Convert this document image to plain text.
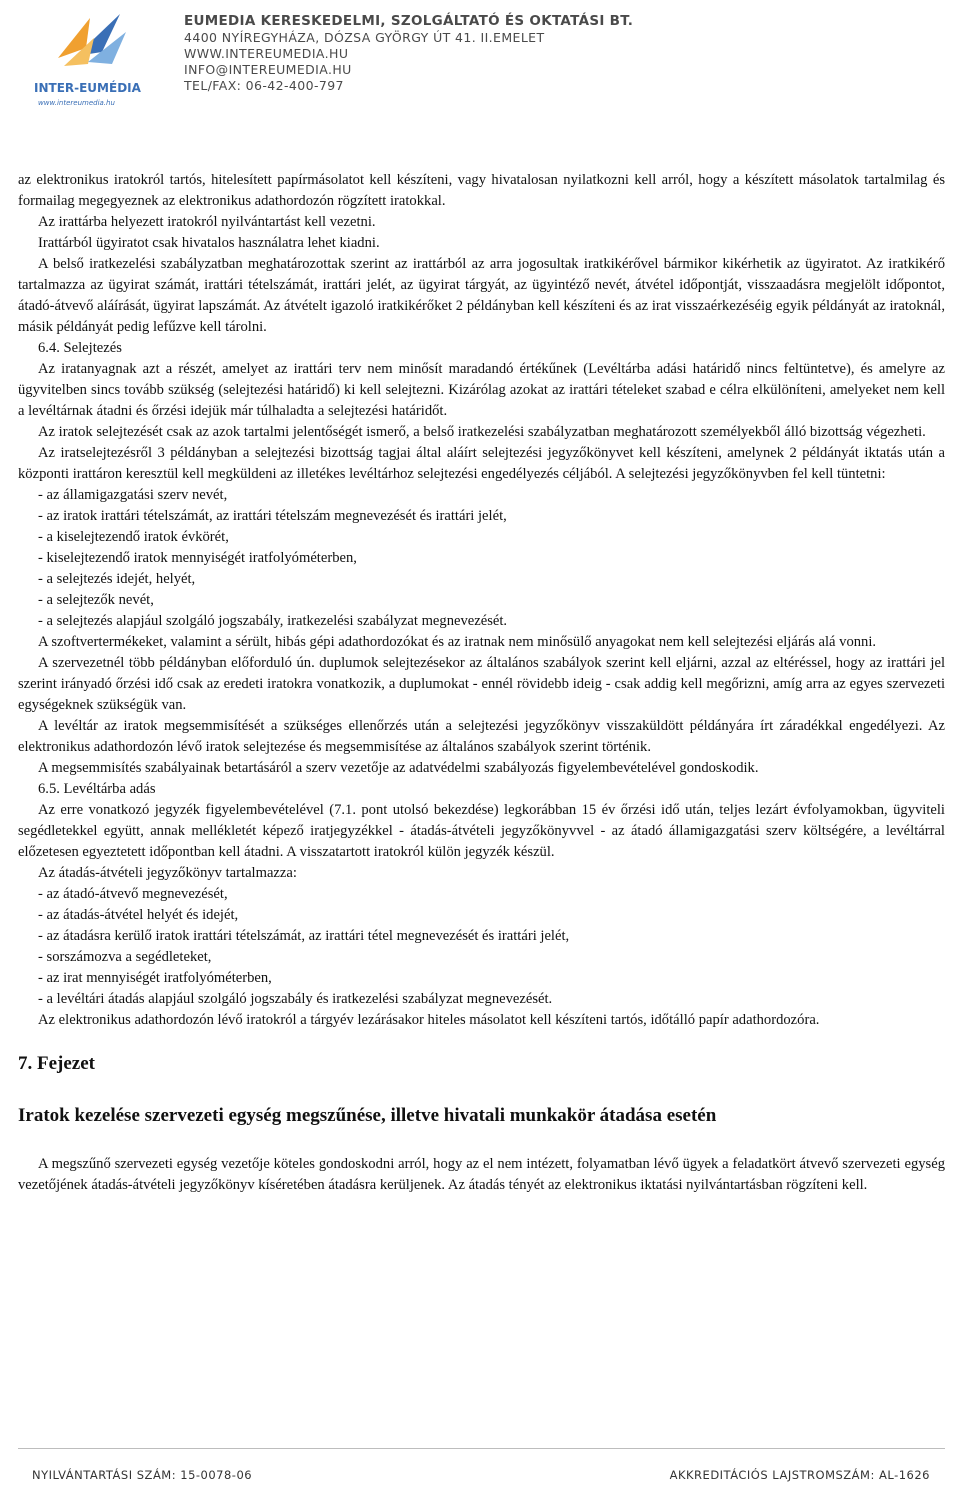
INTER-EUMÉDIA
www.intereumedia.hu
EUMEDIA KERESKEDELMI, SZOLGÁLTATÓ ÉS OKTATÁSI BT.
4400 NYÍREGYHÁZA, DÓZSA GYÖRGY ÚT 41. II.EMELET
WWW.INTEREUMEDIA.HU
INFO@INTEREUMEDIA.HU
TEL/FAX: 06-42-400-797

az elektronikus iratokról tartós, hitelesített papírmásolatot kell készíteni, vagy hivatalosan nyilatkozni kell arról, hogy a készített másolatok tartalmilag és formailag megegyeznek az elektronikus adathordozón rögzített iratokkal.

Az irattárba helyezett iratokról nyilvántartást kell vezetni.

Irattárból ügyiratot csak hivatalos használatra lehet kiadni.

A belső iratkezelési szabályzatban meghatározottak szerint az irattárból az arra jogosultak iratkikérővel bármikor kikérhetik az ügyiratot. Az iratkikérő tartalmazza az ügyirat számát, irattári tételszámát, irattári jelét, az ügyirat tárgyát, az ügyintéző nevét, átvétel időpontját, visszaadásra megjelölt időpontot, átadó-átvevő aláírását, ügyirat lapszámát. Az átvételt igazoló iratkikérőket 2 példányban kell készíteni és az irat visszaérkezéséig egyik példányát az iratoknál, másik példányát pedig lefűzve kell tárolni.

6.4. Selejtezés

Az iratanyagnak azt a részét, amelyet az irattári terv nem minősít maradandó értékűnek (Levéltárba adási határidő nincs feltüntetve), és amelyre az ügyvitelben sincs tovább szükség (selejtezési határidő) ki kell selejtezni. Kizárólag azokat az irattári tételeket szabad e célra elkülöníteni, amelyeket nem kell a levéltárnak átadni és őrzési idejük már túlhaladta a selejtezési határidőt.

Az iratok selejtezését csak az azok tartalmi jelentőségét ismerő, a belső iratkezelési szabályzatban meghatározott személyekből álló bizottság végezheti.

Az iratselejtezésről 3 példányban a selejtezési bizottság tagjai által aláírt selejtezési jegyzőkönyvet kell készíteni, amelynek 2 példányát iktatás után a központi irattáron keresztül kell megküldeni az illetékes levéltárhoz selejtezési engedélyezés céljából. A selejtezési jegyzőkönyvben fel kell tüntetni:

- az államigazgatási szerv nevét,

- az iratok irattári tételszámát, az irattári tételszám megnevezését és irattári jelét,

- a kiselejtezendő iratok évkörét,

- kiselejtezendő iratok mennyiségét iratfolyóméterben,

- a selejtezés idejét, helyét,

- a selejtezők nevét,

- a selejtezés alapjául szolgáló jogszabály, iratkezelési szabályzat megnevezését.

A szoftvertermékeket, valamint a sérült, hibás gépi adathordozókat és az iratnak nem minősülő anyagokat nem kell selejtezési eljárás alá vonni.

A szervezetnél több példányban előforduló ún. duplumok selejtezésekor az általános szabályok szerint kell eljárni, azzal az eltéréssel, hogy az irattári jel szerint irányadó őrzési idő csak az eredeti iratokra vonatkozik, a duplumokat - ennél rövidebb ideig - csak addig kell megőrizni, amíg arra az egyes szervezeti egységeknek szükségük van.

A levéltár az iratok megsemmisítését a szükséges ellenőrzés után a selejtezési jegyzőkönyv visszaküldött példányára írt záradékkal engedélyezi. Az elektronikus adathordozón lévő iratok selejtezése és megsemmisítése az általános szabályok szerint történik.

A megsemmisítés szabályainak betartásáról a szerv vezetője az adatvédelmi szabályozás figyelembevételével gondoskodik.

6.5. Levéltárba adás

Az erre vonatkozó jegyzék figyelembevételével (7.1. pont utolsó bekezdése) legkorábban 15 év őrzési idő után, teljes lezárt évfolyamokban, ügyviteli segédletekkel együtt, annak mellékletét képező iratjegyzékkel - átadás-átvételi jegyzőkönyvvel - az átadó államigazgatási szerv költségére, a levéltárral előzetesen egyeztetett időpontban kell átadni. A visszatartott iratokról külön jegyzék készül.

Az átadás-átvételi jegyzőkönyv tartalmazza:

- az átadó-átvevő megnevezését,

- az átadás-átvétel helyét és idejét,

- az átadásra kerülő iratok irattári tételszámát, az irattári tétel megnevezését és irattári jelét,

- sorszámozva a segédleteket,

- az irat mennyiségét iratfolyóméterben,

- a levéltári átadás alapjául szolgáló jogszabály és iratkezelési szabályzat megnevezését.

Az elektronikus adathordozón lévő iratokról a tárgyév lezárásakor hiteles másolatot kell készíteni tartós, időtálló papír adathordozóra.

7. Fejezet
Iratok kezelése szervezeti egység megszűnése, illetve hivatali munkakör átadása esetén

A megszűnő szervezeti egység vezetője köteles gondoskodni arról, hogy az el nem intézett, folyamatban lévő ügyek a feladatkört átvevő szervezeti egység vezetőjének átadás-átvételi jegyzőkönyv kíséretében átadásra kerüljenek. Az átadás tényét az elektronikus iktatási nyilvántartásban rögzíteni kell.

NYILVÁNTARTÁSI SZÁM: 15-0078-06	AKKREDITÁCIÓS LAJSTROMSZÁM: AL-1626
